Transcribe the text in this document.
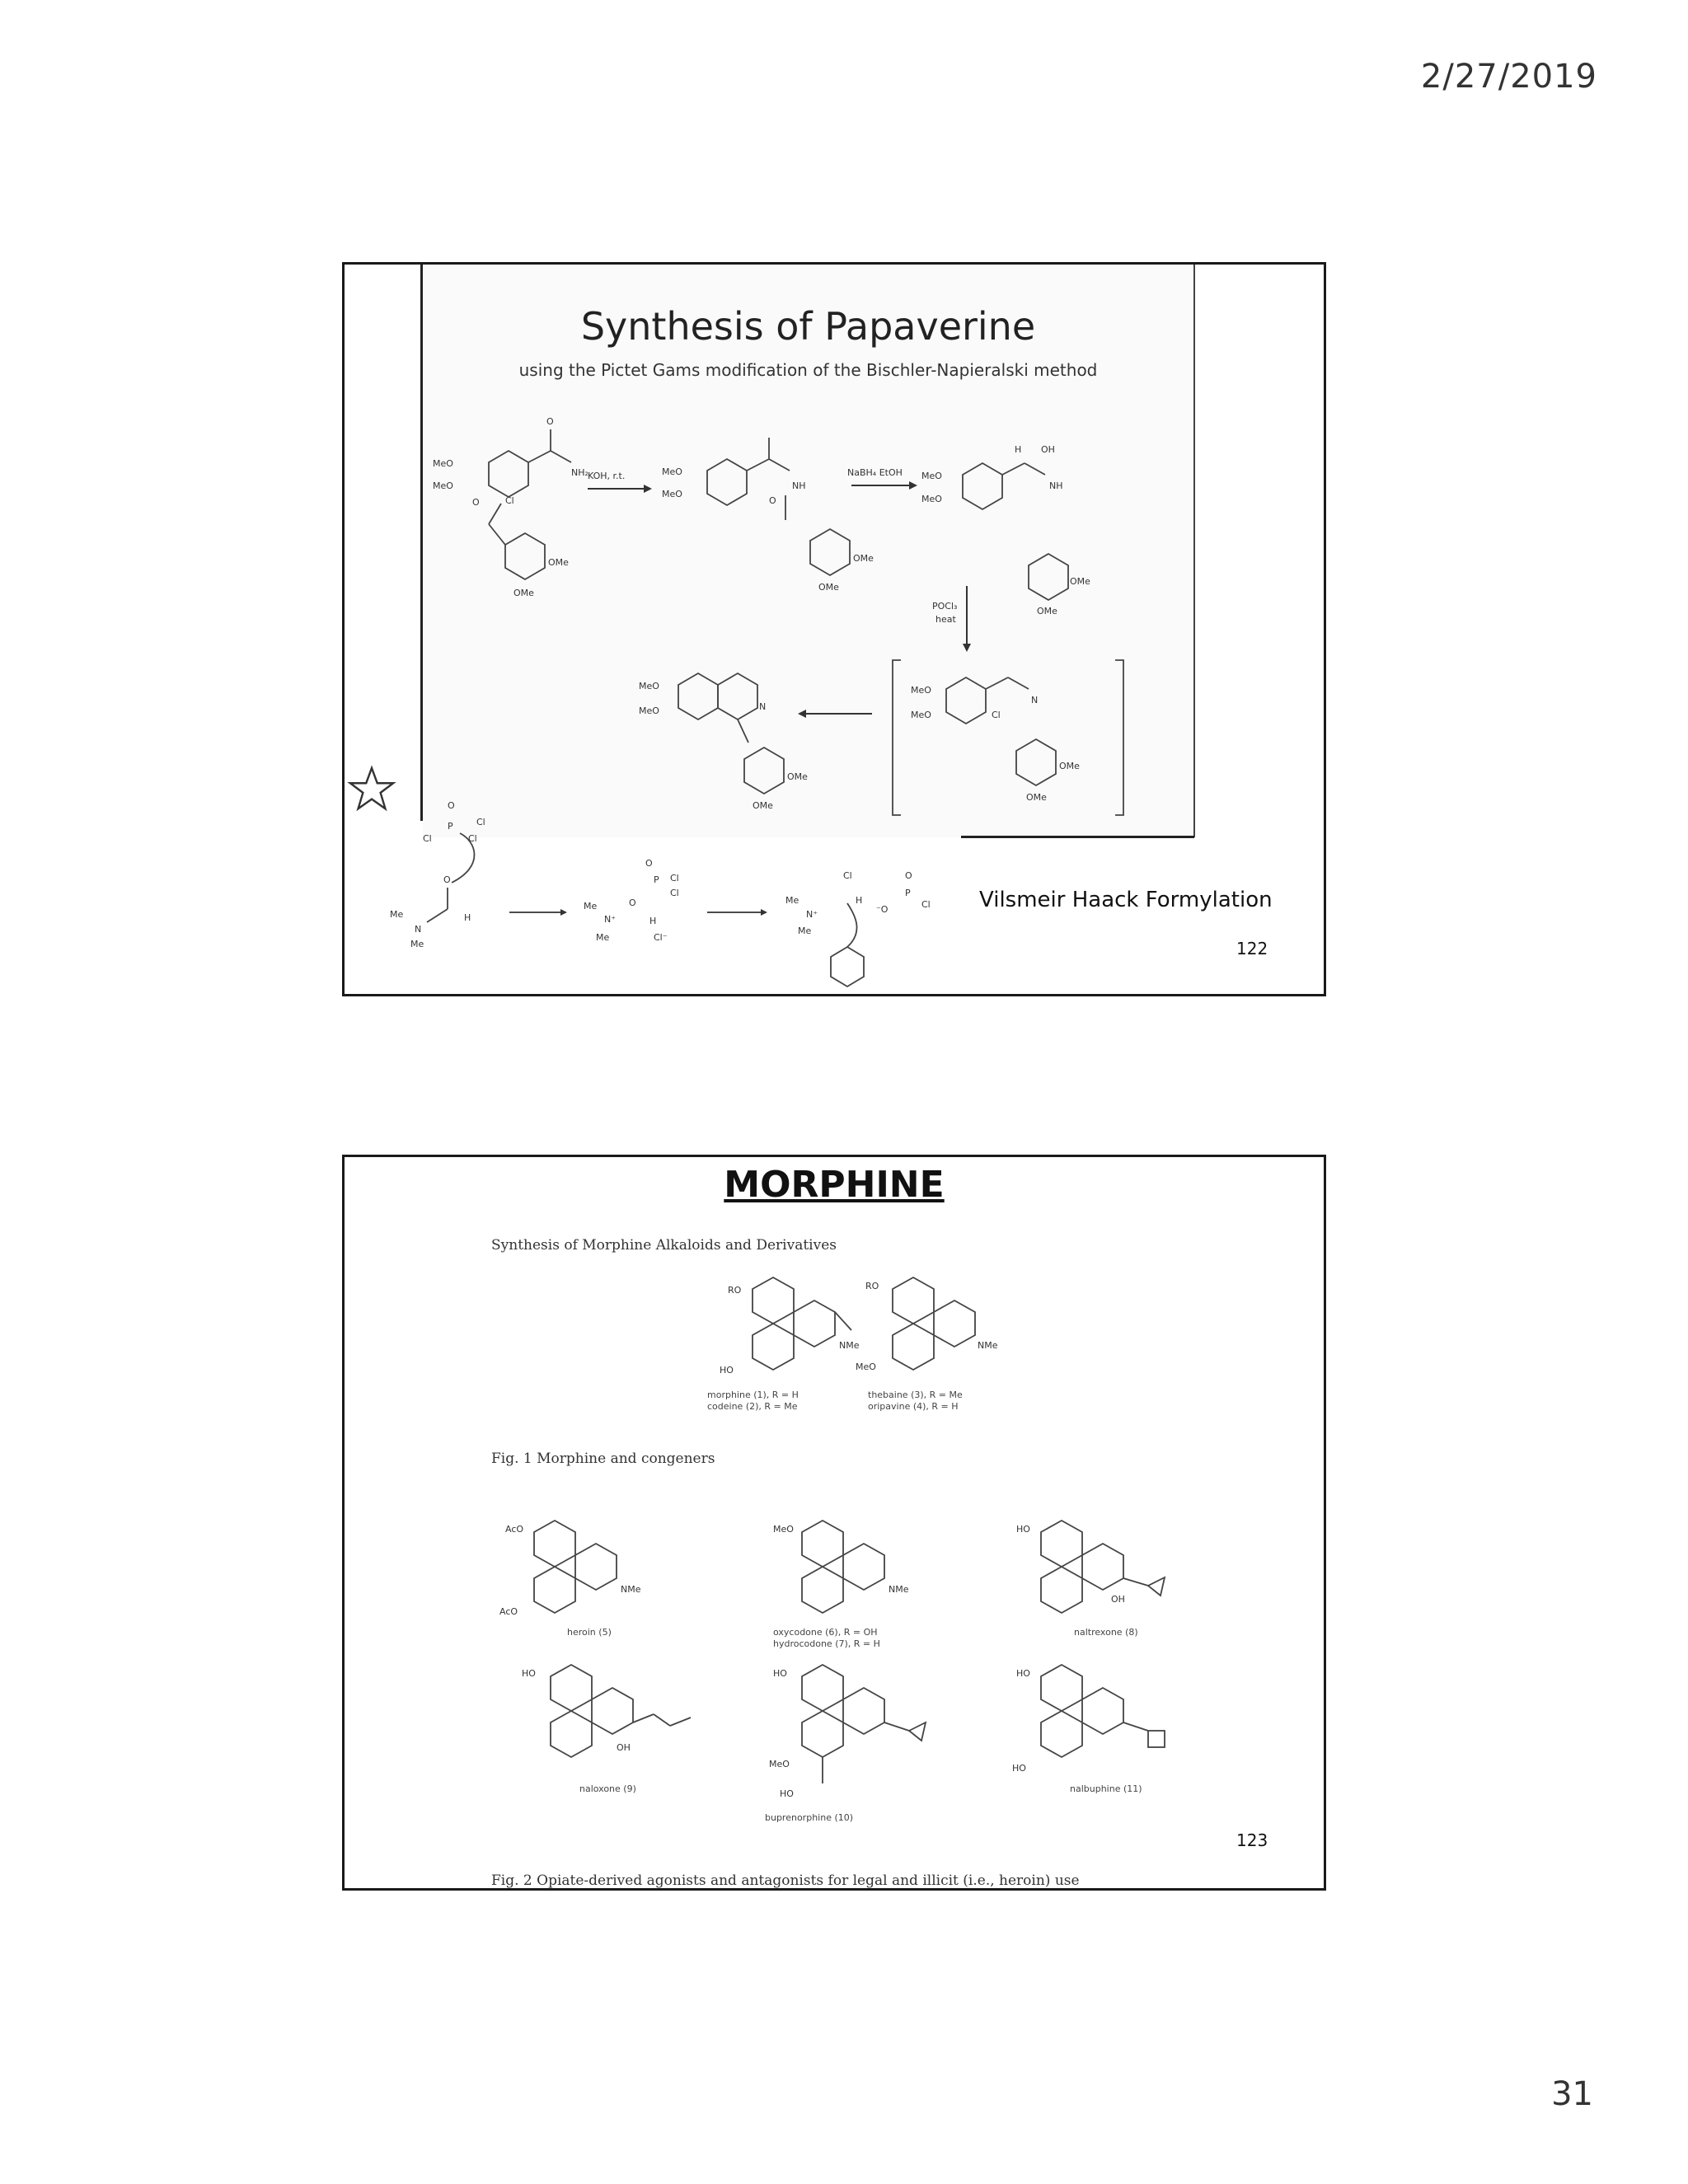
2/27/2019
Synthesis of Papaverine
using the Pictet Gams modification of the Bischler-Napieralski method
MeO
MeO
O
NH₂
O	Cl
OMe
OMe
KOH, r.t.	MeO
MeO
NH
O
OMe
OMe
NaBH₄ EtOH MeO
MeO
H OH
NH
OMe
OMe
POCl₃
heat
MeO
MeO	Cl
N
OMe
OMe
MeO
MeO	N
OMe
OMe
Me
N
Me
O
H
Cl
P
Cl
Cl
O
Me
N⁺
Me
O
P
O
Cl
Cl
H
Cl⁻
Me
N⁺
Me
Cl
H
⁻O
P
O
Cl Vilsmeir Haack Formylation
122
MORPHINE
Synthesis of Morphine Alkaloids and Derivatives
RO
NMe
HO
morphine (1), R = H
codeine (2), R = Me
RO
NMe
MeO
thebaine (3), R = Me
oripavine (4), R = H
AcO
NMe
AcO
heroin (5)
MeO
NMe
oxycodone (6), R = OH
hydrocodone (7), R = H
HO
OH
naltrexone (8)
HO
OH
naloxone (9)
HO
MeO
HO
buprenorphine (10)
HO
HO
nalbuphine (11)
Fig. 1 Morphine and congeners
123
Fig. 2 Opiate-derived agonists and antagonists for legal and illicit (i.e., heroin) use
31
